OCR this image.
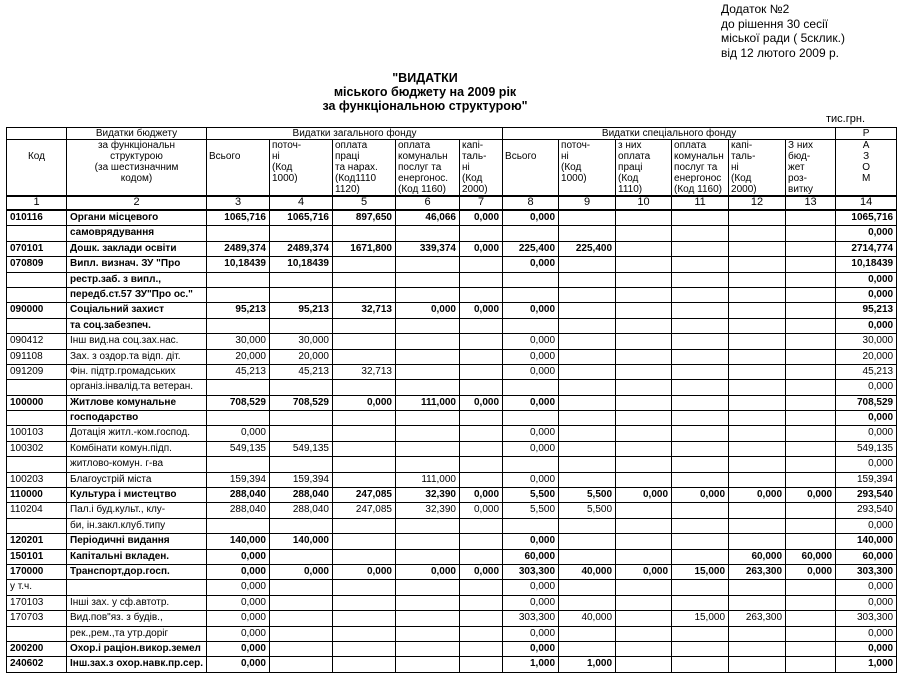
Додаток №2
до рішення 30 сесії
міської ради ( 5склик.)
від 12 лютого 2009 р.
"ВИДАТКИ
міського бюджету на 2009 рік
за функціональною структурою"
тис.грн.
	Видатки бюджету	Видатки загального фонду					Видатки спеціального фонду						Р
	за функціональн		поточ-	оплата	оплата	капі-		поточ-	з них	оплата	капі-	З них	А
Код	структурою	Всього	ні	праці	комунальн	таль-	Всього	ні	оплата	комунальн	таль-	бюд-	З
	(за шестизначним		(Код	та нарах.	послуг та	ні		(Код	праці	послуг та	ні	жет	О
	кодом)		1000)	(Код1110	енергонос.	(Код		1000)	(Код	енергонос	(Код	роз-	М
				1120)	(Код 1160)	2000)			1110)	(Код 1160)	2000)	витку	
1	2	3	4	5	6	7	8	9	10	11	12	13	14
010116	Органи місцевого	1065,716	1065,716	897,650	46,066	0,000	0,000						1065,716
	самоврядування												0,000
070101	Дошк. заклади освіти	2489,374	2489,374	1671,800	339,374	0,000	225,400	225,400					2714,774
070809	Випл. визнач. ЗУ "Про	10,18439	10,18439				0,000						10,18439
	рестр.заб. з випл.,												0,000
	передб.ст.57 ЗУ"Про ос."												0,000
090000	Соціальний захист	95,213	95,213	32,713	0,000	0,000	0,000						95,213
	та соц.забезпеч.												0,000
090412	Інш вид.на соц.зах.нас.	30,000	30,000				0,000						30,000
091108	Зах. з оздор.та відп. діт.	20,000	20,000				0,000						20,000
091209	Фін. підтр.громадських	45,213	45,213	32,713			0,000						45,213
	організ.інвалід.та ветеран.												0,000
100000	Житлове комунальне	708,529	708,529	0,000	111,000	0,000	0,000						708,529
	господарство												0,000
100103	Дотація житл.-ком.господ.	0,000					0,000						0,000
100302	Комбінати комун.підп.	549,135	549,135				0,000						549,135
	житлово-комун. г-ва												0,000
100203	Благоустрій міста	159,394	159,394		111,000		0,000						159,394
110000	Культура і мистецтво	288,040	288,040	247,085	32,390	0,000	5,500	5,500	0,000	0,000	0,000	0,000	293,540
110204	Пал.і буд.культ., клу-	288,040	288,040	247,085	32,390	0,000	5,500	5,500					293,540
	би, ін.закл.клуб.типу												0,000
120201	Періодичні видання	140,000	140,000				0,000						140,000
150101	Капітальні вкладен.	0,000					60,000				60,000	60,000	60,000
170000	Транспорт,дор.госп.	0,000	0,000	0,000	0,000	0,000	303,300	40,000	0,000	15,000	263,300	0,000	303,300
у т.ч.		0,000					0,000						0,000
170103	Інші зах. у сф.автотр.	0,000					0,000						0,000
170703	Вид.пов"яз. з будів.,	0,000					303,300	40,000		15,000	263,300		303,300
	рек.,рем.,та утр.доріг	0,000					0,000						0,000
200200	Охор.і раціон.викор.земел	0,000					0,000						0,000
240602	Інш.зах.з охор.навк.пр.сер.	0,000					1,000	1,000					1,000
